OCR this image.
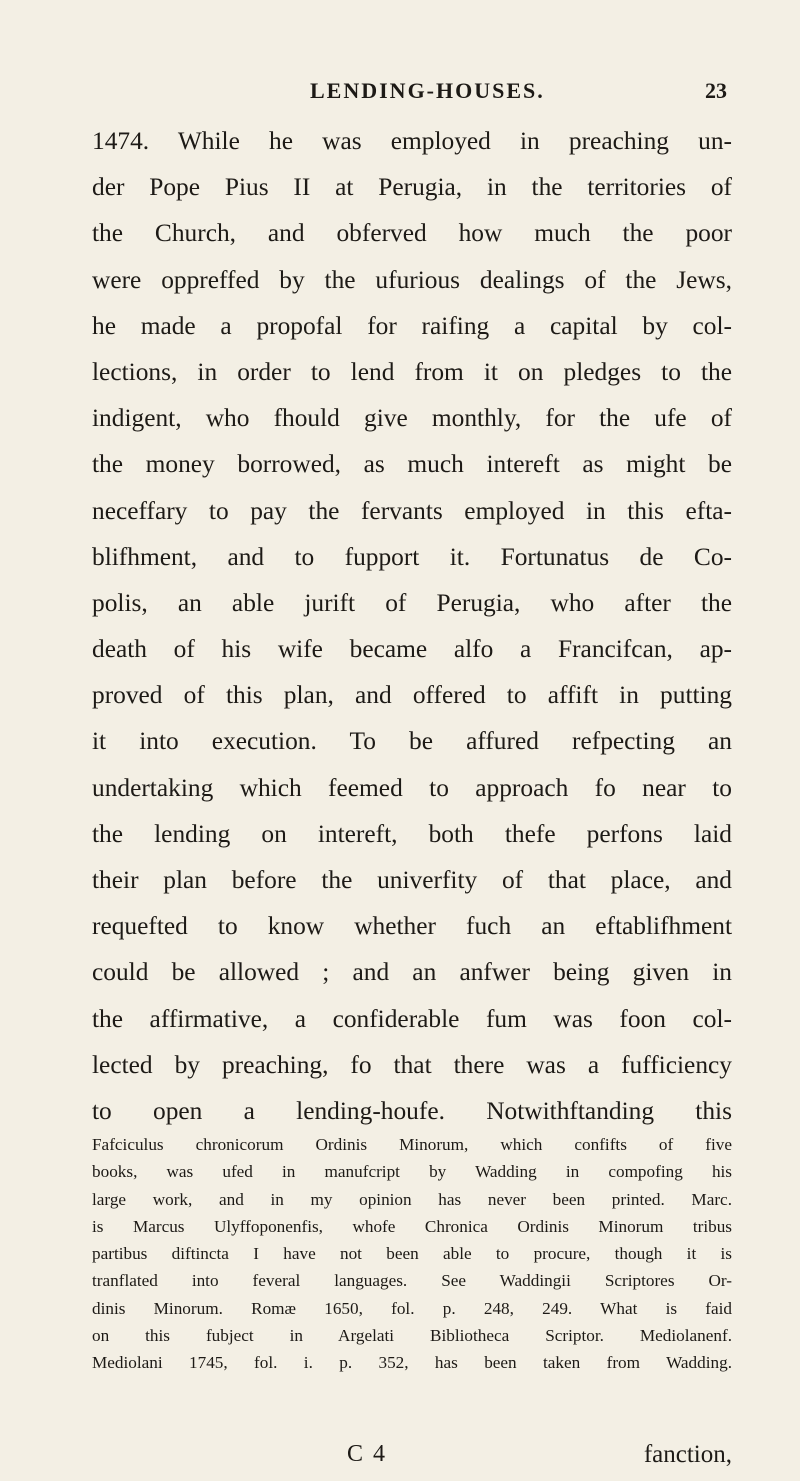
LENDING-HOUSES.	23
1474. While he was employed in preaching un-
der Pope Pius II at Perugia, in the territories of
the Church, and obferved how much the poor
were oppreffed by the ufurious dealings of the Jews,
he made a propofal for raifing a capital by col-
lections, in order to lend from it on pledges to the
indigent, who fhould give monthly, for the ufe of
the money borrowed, as much intereft as might be
neceffary to pay the fervants employed in this efta-
blifhment, and to fupport it. Fortunatus de Co-
polis, an able jurift of Perugia, who after the
death of his wife became alfo a Francifcan, ap-
proved of this plan, and offered to affift in putting
it into execution. To be affured refpecting an
undertaking which feemed to approach fo near to
the lending on intereft, both thefe perfons laid
their plan before the univerfity of that place, and
requefted to know whether fuch an eftablifhment
could be allowed ; and an anfwer being given in
the affirmative, a confiderable fum was foon col-
lected by preaching, fo that there was a fufficiency
to open a lending-houfe. Notwithftanding this
Fafciculus chronicorum Ordinis Minorum, which confifts of five
books, was ufed in manufcript by Wadding in compofing his
large work, and in my opinion has never been printed. Marc.
is Marcus Ulyffoponenfis, whofe Chronica Ordinis Minorum tribus
partibus diftincta I have not been able to procure, though it is
tranflated into feveral languages. See Waddingii Scriptores Or-
dinis Minorum. Romæ 1650, fol. p. 248, 249. What is faid
on this fubject in Argelati Bibliotheca Scriptor. Mediolanenf.
Mediolani 1745, fol. i. p. 352, has been taken from Wadding.
C 4	fanction,
